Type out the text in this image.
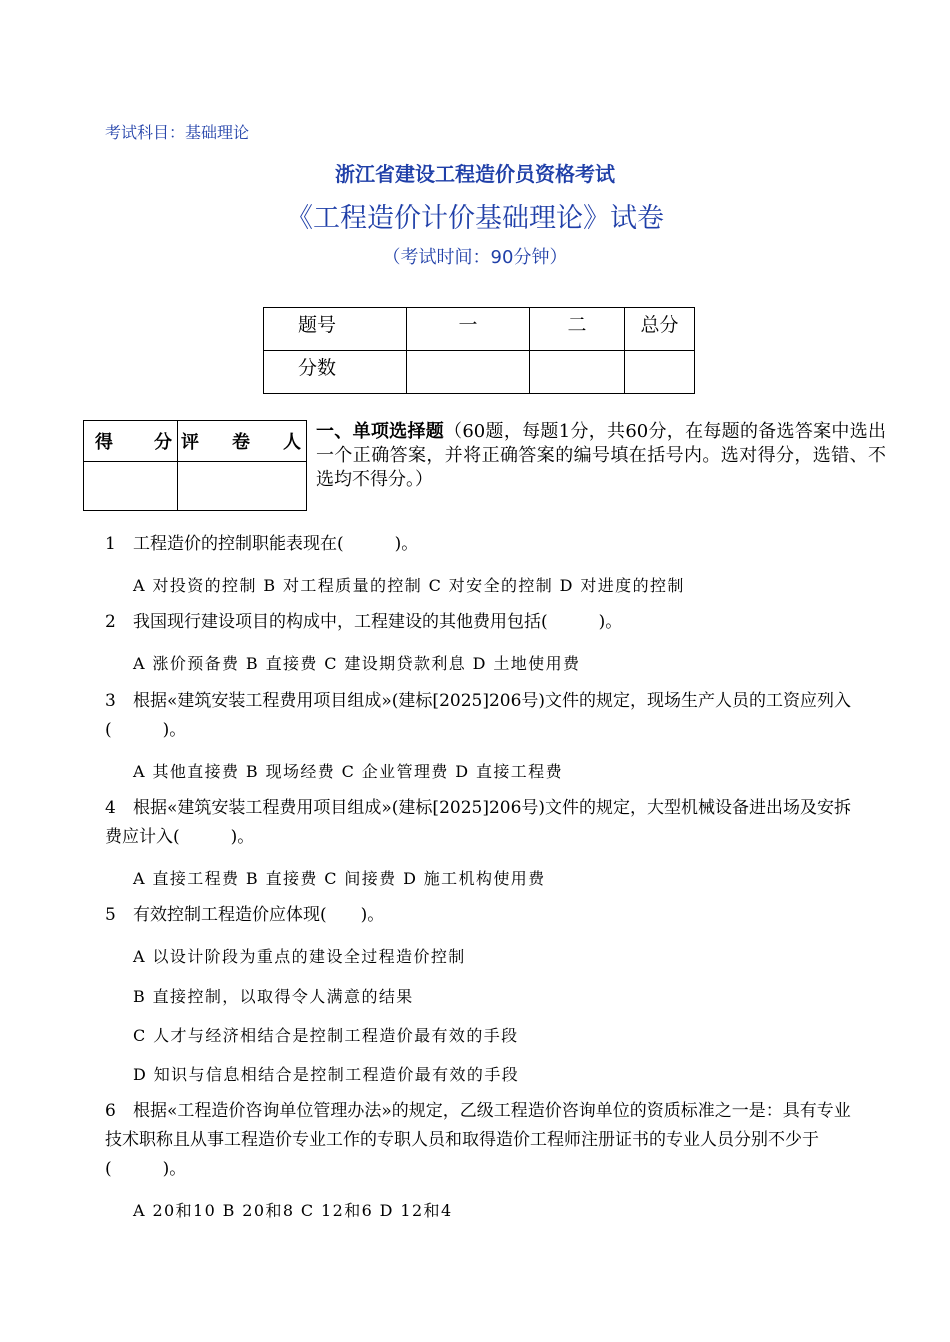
考试科目：基础理论
浙江省建设工程造价员资格考试
《工程造价计价基础理论》试卷
（考试时间：90分钟）
题号	一	二	总分
分数			
得 分	评 卷 人

一、单项选择题（60题，每题1分，共60分，在每题的备选答案中选出一个正确答案，并将正确答案的编号填在括号内。选对得分，选错、不选均不得分。）
1 工程造价的控制职能表现在(　　　)。
A 对投资的控制 B 对工程质量的控制 C 对安全的控制 D 对进度的控制
2 我国现行建设项目的构成中，工程建设的其他费用包括(　　　)。
A 涨价预备费 B 直接费 C 建设期贷款利息 D 土地使用费
3 根据«建筑安装工程费用项目组成»(建标[2025]206号)文件的规定，现场生产人员的工资应列入(　　　)。
A 其他直接费 B 现场经费 C 企业管理费 D 直接工程费
4 根据«建筑安装工程费用项目组成»(建标[2025]206号)文件的规定，大型机械设备进出场及安拆费应计入(　　　)。
A 直接工程费 B 直接费 C 间接费 D 施工机构使用费
5 有效控制工程造价应体现(　　)。
A 以设计阶段为重点的建设全过程造价控制
B 直接控制，以取得令人满意的结果
C 人才与经济相结合是控制工程造价最有效的手段
D 知识与信息相结合是控制工程造价最有效的手段
6 根据«工程造价咨询单位管理办法»的规定，乙级工程造价咨询单位的资质标准之一是：具有专业技术职称且从事工程造价专业工作的专职人员和取得造价工程师注册证书的专业人员分别不少于(　　　)。
A 20和10 B 20和8 C 12和6 D 12和4
